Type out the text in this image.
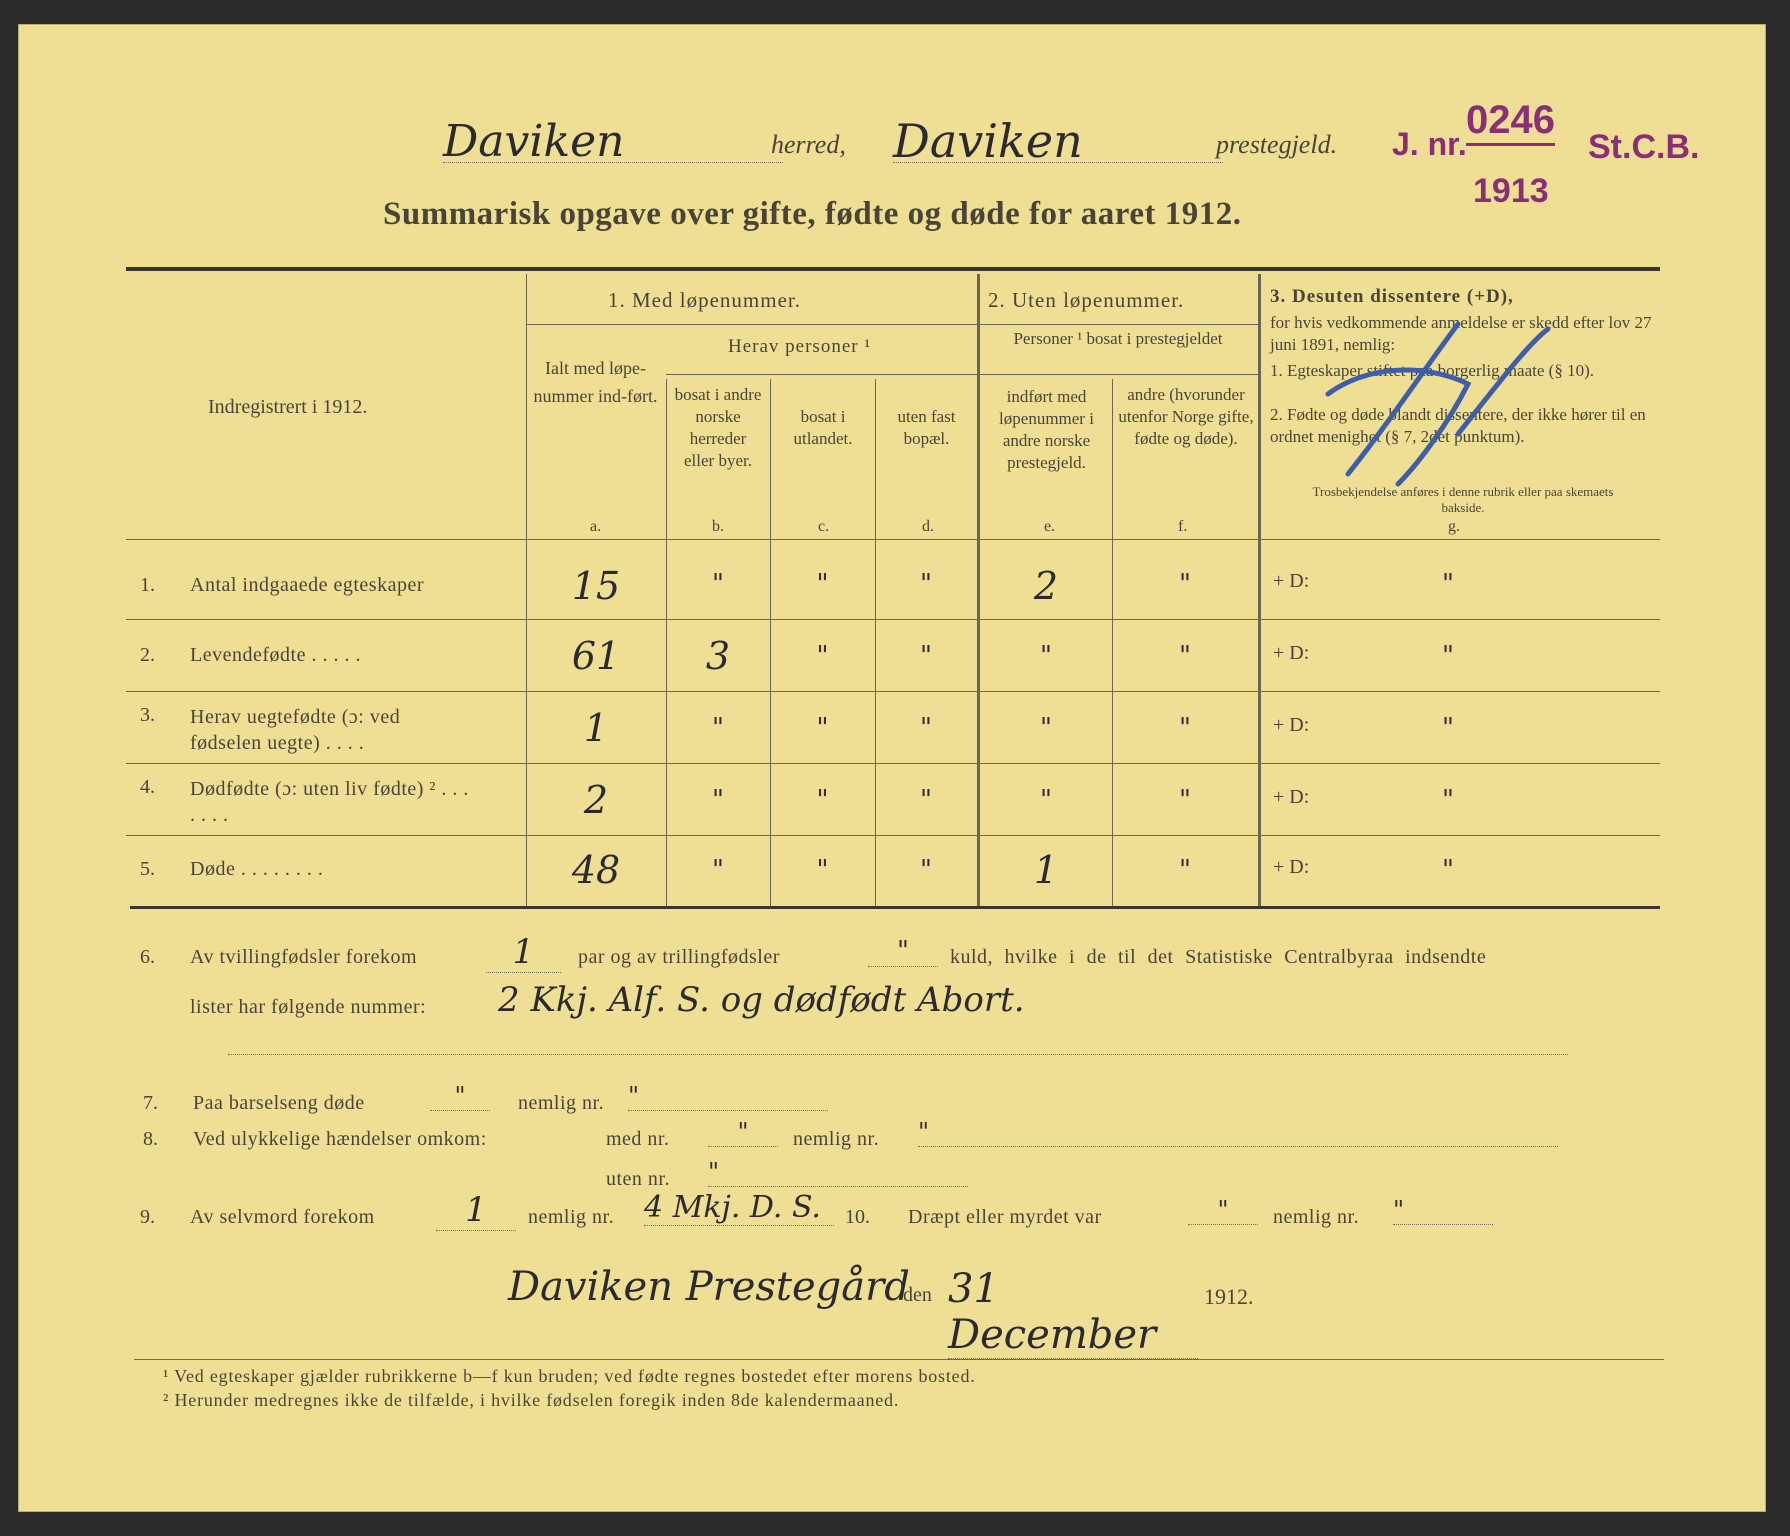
Daviken	herred, Daviken	prestegjeld. J. nr.
0246
St.C.B.
1913
Summarisk opgave over gifte, fødte og døde for aaret 1912.
Indregistrert i 1912.
1. Med løpenummer.	2. Uten løpenummer.
Herav personer ¹	Personer ¹ bosat i prestegjeldet
Ialt med løpe-nummer ind-ført. bosat i andre norske herreder eller byer.
bosat i utlandet.
uten fast bopæl.
indført med løpenummer i andre norske prestegjeld.
andre (hvorunder utenfor Norge gifte, fødte og døde).
3. Desuten dissentere (+D),
for hvis vedkommende anmeldelse er skedd efter lov 27 juni 1891, nemlig:
1. Egteskaper stiftet paa borgerlig maate (§ 10).
2. Fødte og døde blandt dissentere, der ikke hører til en ordnet menighet (§ 7, 2det punktum).
Trosbekjendelse anføres i denne rubrik eller paa skemaets bakside.
a.	b.	c.	d.	e.	f.	g.
1. Antal indgaaede egteskaper	15	"	"	"	2	"	+ D:	"
2. Levendefødte . . . . .	61	3	"	"	"	"	+ D:	"
3. Herav uegtefødte (ɔ: ved fødselen uegte) . . . .	1	"	"	"	"	"	+ D:	"
4. Dødfødte (ɔ: uten liv fødte) ² . . . . . . .	2	"	"	"	"	"	+ D:	"
5. Døde . . . . . . . .	48	"	"	"	1	"	+ D:	"
6. Av tvillingfødsler forekom	1	par og av trillingfødsler	"	kuld, hvilke i de til det Statistiske Centralbyraa indsendte
lister har følgende nummer: 2 Kkj. Alf. S. og dødfødt Abort.
7. Paa barselseng døde	"	nemlig nr. "
8. Ved ulykkelige hændelser omkom:	med nr.	"	nemlig nr. "
uten nr. "
9. Av selvmord forekom	1	nemlig nr. 4 Mkj. D. S.	10. Dræpt eller myrdet var	"	nemlig nr. "
Daviken Prestegård
den 31 December
1912.
¹ Ved egteskaper gjælder rubrikkerne b—f kun bruden; ved fødte regnes bostedet efter morens bosted.
² Herunder medregnes ikke de tilfælde, i hvilke fødselen foregik inden 8de kalendermaaned.
